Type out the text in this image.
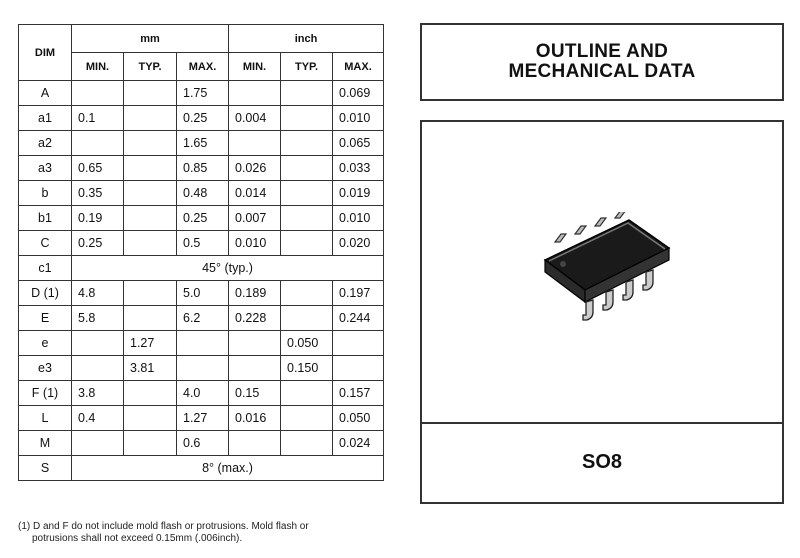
DIM	mm			inch		
	MIN.	TYP.	MAX.	MIN.	TYP.	MAX.
A			1.75			0.069
a1	0.1		0.25	0.004		0.010
a2			1.65			0.065
a3	0.65		0.85	0.026		0.033
b	0.35		0.48	0.014		0.019
b1	0.19		0.25	0.007		0.010
C	0.25		0.5	0.010		0.020
c1	45° (typ.)					
D (1)	4.8		5.0	0.189		0.197
E	5.8		6.2	0.228		0.244
e		1.27			0.050	
e3		3.81			0.150	
F (1)	3.8		4.0	0.15		0.157
L	0.4		1.27	0.016		0.050
M			0.6			0.024
S	8° (max.)					
(1) D and F do not include mold flash or protrusions. Mold flash or
potrusions shall not exceed 0.15mm (.006inch).
OUTLINE AND
MECHANICAL DATA
SO8
